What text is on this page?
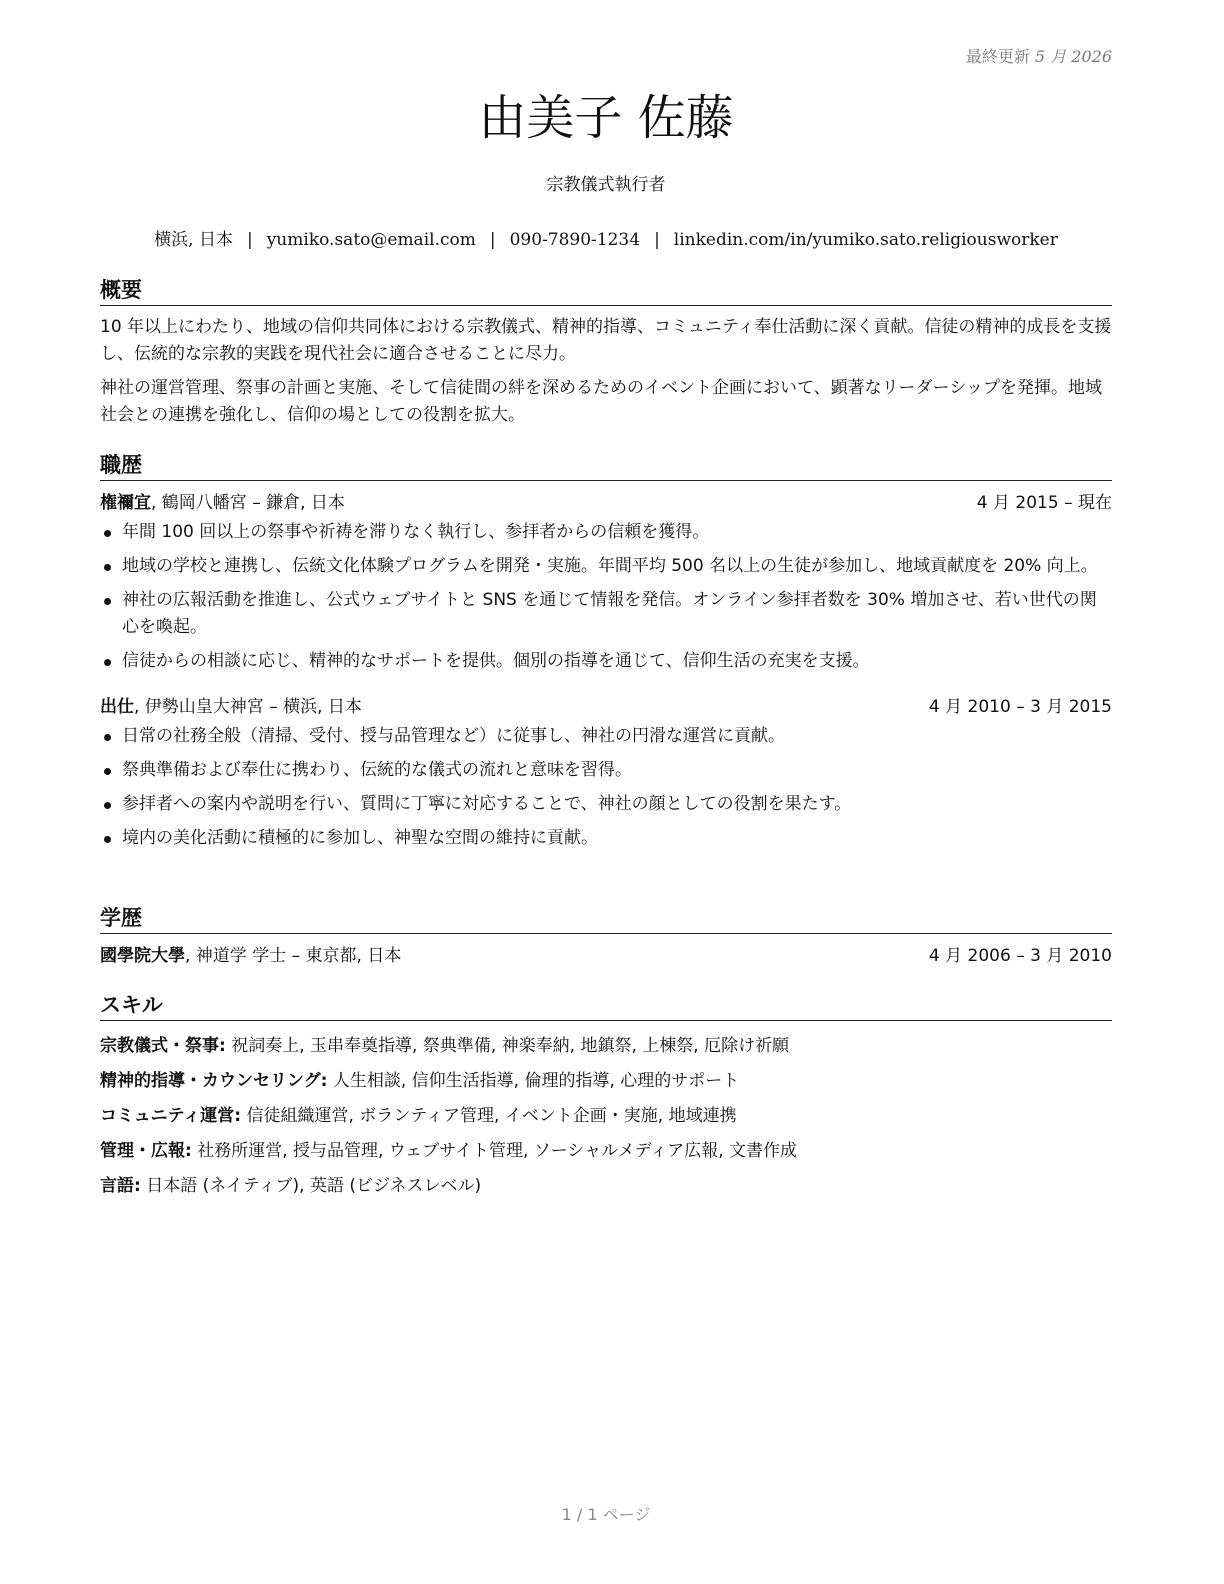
最終更新 5 月 2026
由美子 佐藤
宗教儀式執行者
横浜, 日本 | yumiko.sato@email.com | 090-7890-1234 | linkedin.com/in/yumiko.sato.religiousworker
概要

10 年以上にわたり、地域の信仰共同体における宗教儀式、精神的指導、コミュニティ奉仕活動に深く貢献。信徒の精神的成長を支援し、伝統的な宗教的実践を現代社会に適合させることに尽力。

神社の運営管理、祭事の計画と実施、そして信徒間の絆を深めるためのイベント企画において、顕著なリーダーシップを発揮。地域社会との連携を強化し、信仰の場としての役割を拡大。

職歴
権禰宜, 鶴岡八幡宮 – 鎌倉, 日本	4 月 2015 – 現在
年間 100 回以上の祭事や祈祷を滞りなく執行し、参拝者からの信頼を獲得。
地域の学校と連携し、伝統文化体験プログラムを開発・実施。年間平均 500 名以上の生徒が参加し、地域貢献度を 20% 向上。
神社の広報活動を推進し、公式ウェブサイトと SNS を通じて情報を発信。オンライン参拝者数を 30% 増加させ、若い世代の関心を喚起。
信徒からの相談に応じ、精神的なサポートを提供。個別の指導を通じて、信仰生活の充実を支援。
出仕, 伊勢山皇大神宮 – 横浜, 日本	4 月 2010 – 3 月 2015
日常の社務全般（清掃、受付、授与品管理など）に従事し、神社の円滑な運営に貢献。
祭典準備および奉仕に携わり、伝統的な儀式の流れと意味を習得。
参拝者への案内や説明を行い、質問に丁寧に対応することで、神社の顔としての役割を果たす。
境内の美化活動に積極的に参加し、神聖な空間の維持に貢献。
学歴
國學院大學, 神道学 学士 – 東京都, 日本	4 月 2006 – 3 月 2010
スキル
宗教儀式・祭事: 祝詞奏上, 玉串奉奠指導, 祭典準備, 神楽奉納, 地鎮祭, 上棟祭, 厄除け祈願
精神的指導・カウンセリング: 人生相談, 信仰生活指導, 倫理的指導, 心理的サポート
コミュニティ運営: 信徒組織運営, ボランティア管理, イベント企画・実施, 地域連携
管理・広報: 社務所運営, 授与品管理, ウェブサイト管理, ソーシャルメディア広報, 文書作成
言語: 日本語 (ネイティブ), 英語 (ビジネスレベル)
1 / 1 ページ
